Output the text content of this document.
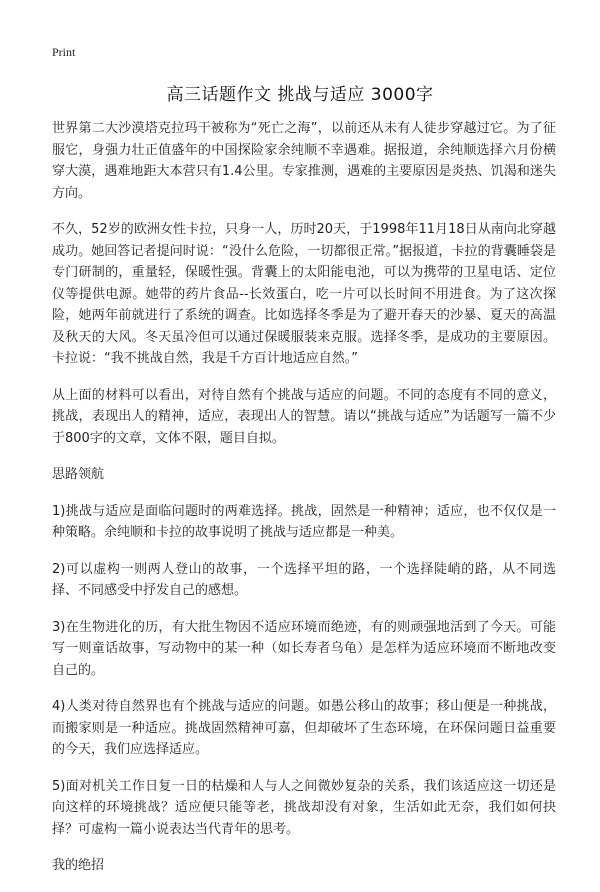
Print
高三话题作文 挑战与适应 3000字

世界第二大沙漠塔克拉玛干被称为“死亡之海”，以前还从未有人徒步穿越过它。为了征服它，身强力壮正值盛年的中国探险家余纯顺不幸遇难。据报道，余纯顺选择六月份横穿大漠，遇难地距大本营只有1.4公里。专家推测，遇难的主要原因是炎热、饥渴和迷失方向。

不久，52岁的欧洲女性卡拉，只身一人，历时20天，于1998年11月18日从南向北穿越成功。她回答记者提问时说：“没什么危险，一切都很正常。”据报道，卡拉的背囊睡袋是专门研制的，重量轻，保暖性强。背囊上的太阳能电池，可以为携带的卫星电话、定位仪等提供电源。她带的药片食品--长效蛋白，吃一片可以长时间不用进食。为了这次探险，她两年前就进行了系统的调查。比如选择冬季是为了避开春天的沙暴、夏天的高温及秋天的大风。冬天虽冷但可以通过保暖服装来克服。选择冬季，是成功的主要原因。卡拉说：“我不挑战自然，我是千方百计地适应自然。”

从上面的材料可以看出，对待自然有个挑战与适应的问题。不同的态度有不同的意义，挑战，表现出人的精神，适应，表现出人的智慧。请以“挑战与适应”为话题写一篇不少于800字的文章，文体不限，题目自拟。

思路领航

1)挑战与适应是面临问题时的两难选择。挑战，固然是一种精神；适应，也不仅仅是一种策略。余纯顺和卡拉的故事说明了挑战与适应都是一种美。

2)可以虚构一则两人登山的故事，一个选择平坦的路，一个选择陡峭的路，从不同选择、不同感受中抒发自己的感想。

3)在生物进化的历，有大批生物因不适应环境而绝迹，有的则顽强地活到了今天。可能写一则童话故事，写动物中的某一种（如长寿者乌龟）是怎样为适应环境而不断地改变自己的。

4)人类对待自然界也有个挑战与适应的问题。如愚公移山的故事；移山便是一种挑战，而搬家则是一种适应。挑战固然精神可嘉，但却破坏了生态环境，在环保问题日益重要的今天，我们应选择适应。

5)面对机关工作日复一日的枯燥和人与人之间微妙复杂的关系，我们该适应这一切还是向这样的环境挑战？适应便只能等老，挑战却没有对象，生活如此无奈，我们如何抉择？可虚构一篇小说表达当代青年的思考。

我的绝招
